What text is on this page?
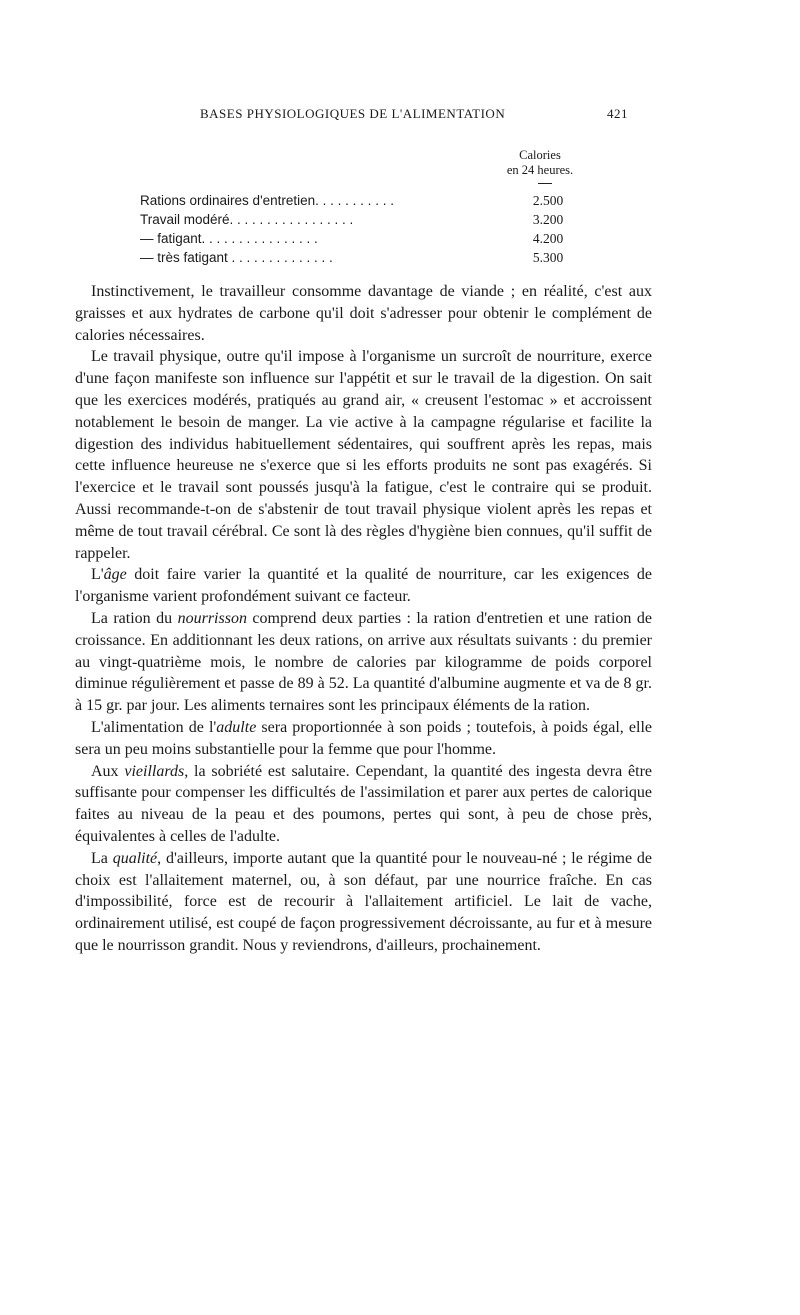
BASES PHYSIOLOGIQUES DE L'ALIMENTATION	421
Calories
en 24 heures.
Rations ordinaires d'entretien. . . . . . . . . . .	2.500
Travail modéré. . . . . . . . . . . . . . . . .	3.200
— fatigant. . . . . . . . . . . . . . . .	4.200
— très fatigant . . . . . . . . . . . . . .	5.300

Instinctivement, le travailleur consomme davantage de viande ; en réalité, c'est aux graisses et aux hydrates de carbone qu'il doit s'adresser pour obtenir le complément de calories nécessaires.

Le travail physique, outre qu'il impose à l'organisme un surcroît de nourriture, exerce d'une façon manifeste son influence sur l'appétit et sur le travail de la digestion. On sait que les exercices modérés, pratiqués au grand air, « creusent l'estomac » et accroissent notablement le besoin de manger. La vie active à la campagne régularise et facilite la digestion des individus habituellement sédentaires, qui souffrent après les repas, mais cette influence heureuse ne s'exerce que si les efforts produits ne sont pas exagérés. Si l'exercice et le travail sont poussés jusqu'à la fatigue, c'est le contraire qui se produit. Aussi recommande-t-on de s'abstenir de tout travail physique violent après les repas et même de tout travail cérébral. Ce sont là des règles d'hygiène bien connues, qu'il suffit de rappeler.

L'âge doit faire varier la quantité et la qualité de nourriture, car les exigences de l'organisme varient profondément suivant ce facteur.

La ration du nourrisson comprend deux parties : la ration d'entretien et une ration de croissance. En additionnant les deux rations, on arrive aux résultats suivants : du premier au vingt-quatrième mois, le nombre de calories par kilogramme de poids corporel diminue régulièrement et passe de 89 à 52. La quantité d'albumine augmente et va de 8 gr. à 15 gr. par jour. Les aliments ternaires sont les principaux éléments de la ration.

L'alimentation de l'adulte sera proportionnée à son poids ; toutefois, à poids égal, elle sera un peu moins substantielle pour la femme que pour l'homme.

Aux vieillards, la sobriété est salutaire. Cependant, la quantité des ingesta devra être suffisante pour compenser les difficultés de l'assimilation et parer aux pertes de calorique faites au niveau de la peau et des poumons, pertes qui sont, à peu de chose près, équivalentes à celles de l'adulte.

La qualité, d'ailleurs, importe autant que la quantité pour le nouveau-né ; le régime de choix est l'allaitement maternel, ou, à son défaut, par une nourrice fraîche. En cas d'impossibilité, force est de recourir à l'allaitement artificiel. Le lait de vache, ordinairement utilisé, est coupé de façon progressivement décroissante, au fur et à mesure que le nourrisson grandit. Nous y reviendrons, d'ailleurs, prochainement.
